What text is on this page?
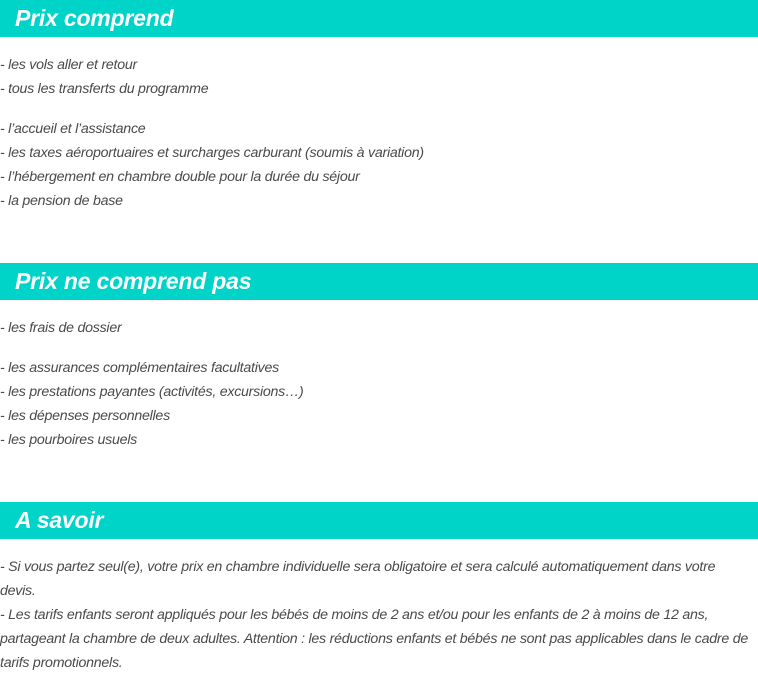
Prix comprend
- les vols aller et retour
- tous les transferts du programme
- l’accueil et l’assistance
- les taxes aéroportuaires et surcharges carburant (soumis à variation)
- l’hébergement en chambre double pour la durée du séjour
- la pension de base
Prix ne comprend pas
- les frais de dossier
- les assurances complémentaires facultatives
- les prestations payantes (activités, excursions…)
- les dépenses personnelles
- les pourboires usuels
A savoir
- Si vous partez seul(e), votre prix en chambre individuelle sera obligatoire et sera calculé automatiquement dans votre devis.
- Les tarifs enfants seront appliqués pour les bébés de moins de 2 ans et/ou pour les enfants de 2 à moins de 12 ans, partageant la chambre de deux adultes. Attention : les réductions enfants et bébés ne sont pas applicables dans le cadre de tarifs promotionnels.
